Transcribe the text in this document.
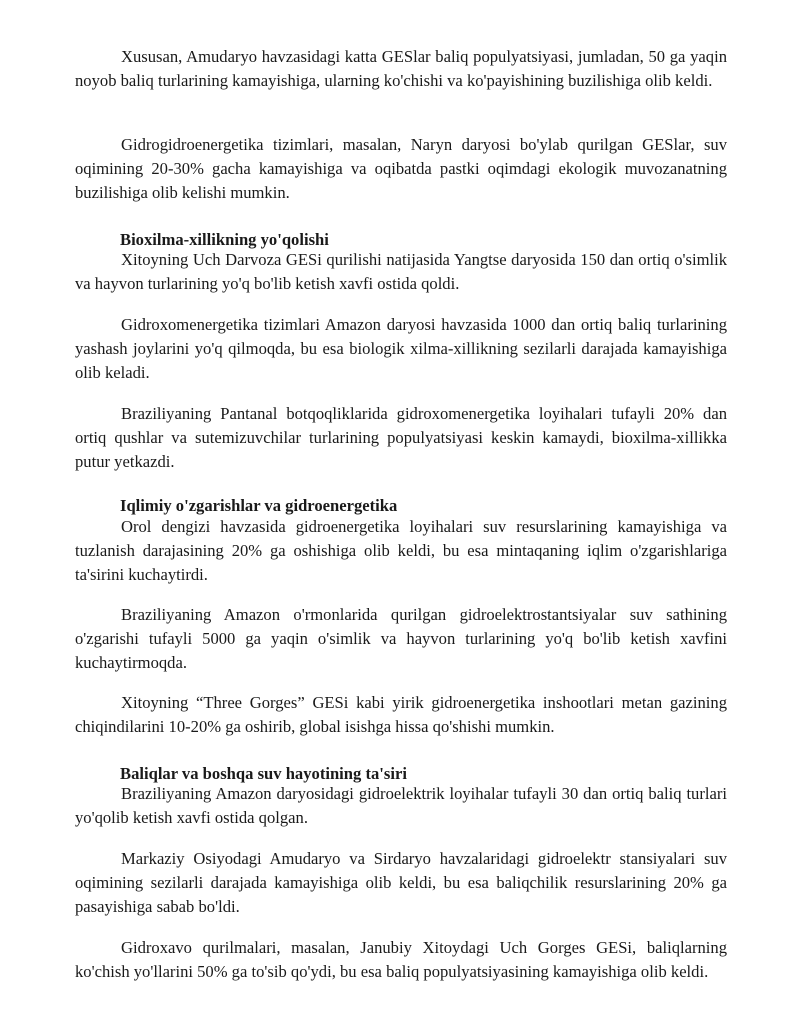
Xususan, Amudaryo havzasidagi katta GESlar baliq populyatsiyasi, jumladan, 50 ga yaqin noyob baliq turlarining kamayishiga, ularning ko'chishi va ko'payishining buzilishiga olib keldi.

Gidrogidroenergetika tizimlari, masalan, Naryn daryosi bo'ylab qurilgan GESlar, suv oqimining 20-30% gacha kamayishiga va oqibatda pastki oqimdagi ekologik muvozanatning buzilishiga olib kelishi mumkin.

Bioxilma-xillikning yo'qolishi

Xitoyning Uch Darvoza GESi qurilishi natijasida Yangtse daryosida 150 dan ortiq o'simlik va hayvon turlarining yo'q bo'lib ketish xavfi ostida qoldi.

Gidroxomenergetika tizimlari Amazon daryosi havzasida 1000 dan ortiq baliq turlarining yashash joylarini yo'q qilmoqda, bu esa biologik xilma-xillikning sezilarli darajada kamayishiga olib keladi.

Braziliyaning Pantanal botqoqliklarida gidroxomenergetika loyihalari tufayli 20% dan ortiq qushlar va sutemizuvchilar turlarining populyatsiyasi keskin kamaydi, bioxilma-xillikka putur yetkazdi.

Iqlimiy o'zgarishlar va gidroenergetika

Orol dengizi havzasida gidroenergetika loyihalari suv resurslarining kamayishiga va tuzlanish darajasining 20% ga oshishiga olib keldi, bu esa mintaqaning iqlim o'zgarishlariga ta'sirini kuchaytirdi.

Braziliyaning Amazon o'rmonlarida qurilgan gidroelektrostantsiyalar suv sathining o'zgarishi tufayli 5000 ga yaqin o'simlik va hayvon turlarining yo'q bo'lib ketish xavfini kuchaytirmoqda.

Xitoyning “Three Gorges” GESi kabi yirik gidroenergetika inshootlari metan gazining chiqindilarini 10-20% ga oshirib, global isishga hissa qo'shishi mumkin.

Baliqlar va boshqa suv hayotining ta'siri

Braziliyaning Amazon daryosidagi gidroelektrik loyihalar tufayli 30 dan ortiq baliq turlari yo'qolib ketish xavfi ostida qolgan.

Markaziy Osiyodagi Amudaryo va Sirdaryo havzalaridagi gidroelektr stansiyalari suv oqimining sezilarli darajada kamayishiga olib keldi, bu esa baliqchilik resurslarining 20% ga pasayishiga sabab bo'ldi.

Gidroxavo qurilmalari, masalan, Janubiy Xitoydagi Uch Gorges GESi, baliqlarning ko'chish yo'llarini 50% ga to'sib qo'ydi, bu esa baliq populyatsiyasining kamayishiga olib keldi.
